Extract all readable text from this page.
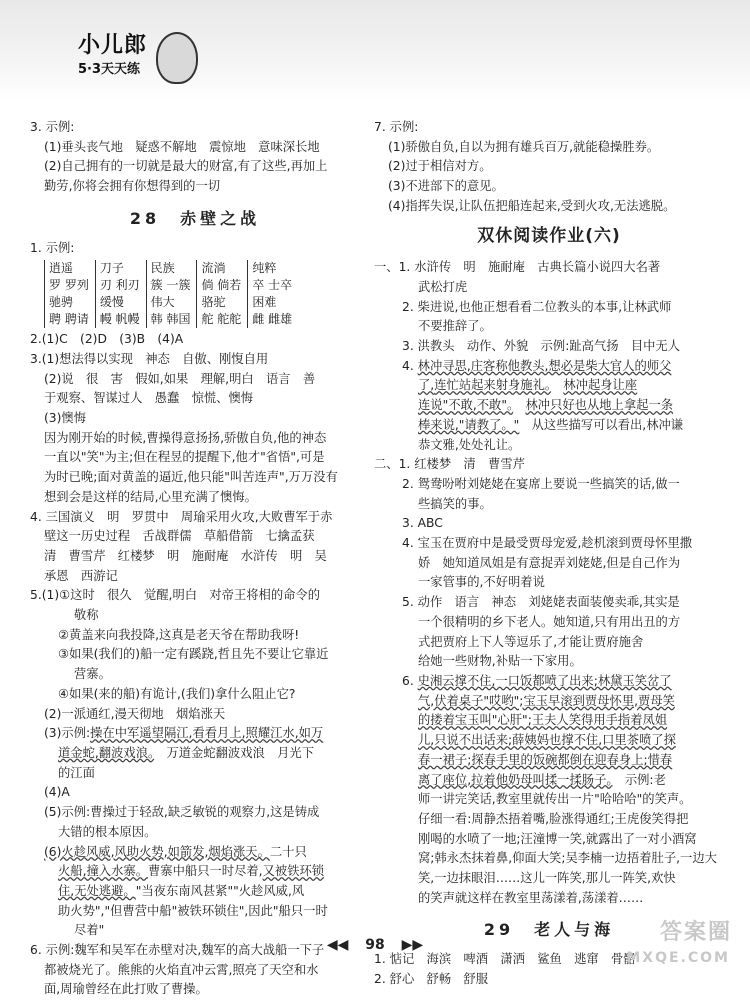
小儿郎
5·3天天练

3. 示例:

(1)垂头丧气地　疑惑不解地　震惊地　意味深长地

(2)自己拥有的一切就是最大的财富,有了这些,再加上

勤劳,你将会拥有你想得到的一切

28　赤壁之战

1. 示例:

逍遥	刀子	民族	流淌	纯粹
罗 罗列	刃 利刃	簇 一簇	倘 倘若	卒 士卒
驰骋	缓慢	伟大	骆驼	困难
聘 聘请	幔 帆幔	韩 韩国	舵 舵舵	雌 雌雄

2.(1)C　(2)D　(3)B　(4)A

3.(1)想法得以实现　神态　自傲、刚愎自用

(2)说　很　害　假如,如果　理解,明白　语言　善

于观察、智谋过人　愚蠢　惊慌、懊悔

(3)懊悔

因为刚开始的时候,曹操得意扬扬,骄傲自负,他的神态

一直以"笑"为主;但在程昱的提醒下,他才"省悟",可是

为时已晚;面对黄盖的逼近,他只能"叫苦连声",万万没有

想到会是这样的结局,心里充满了懊悔。

4. 三国演义　明　罗贯中　周瑜采用火攻,大败曹军于赤

壁这一历史过程　舌战群儒　草船借箭　七擒孟获

清　曹雪芹　红楼梦　明　施耐庵　水浒传　明　吴

承恩　西游记

5.(1)①这时　很久　觉醒,明白　对帝王将相的命令的

敬称

②黄盖来向我投降,这真是老天爷在帮助我呀!

③如果(我们的)船一定有蹊跷,哲且先不要让它靠近

营寨。

④如果(来的船)有诡计,(我们)拿什么阻止它?

(2)一派通红,漫天彻地　烟焰涨天

(3)示例:操在中军遥望隔江,看看月上,照耀江水,如万

道金蛇,翻波戏浪。　万道金蛇翻波戏浪　月光下

的江面

(4)A

(5)示例:曹操过于轻敌,缺乏敏锐的观察力,这是铸成

大错的根本原因。

(6)火趁风威,风助火势,如箭发,烟焰涨天。二十只

火船,撞入水寨。曹寨中船只一时尽着,又被铁环锁

住,无处逃避。"当夜东南风甚紧""火趁风威,风

助火势","但曹营中船"被铁环锁住",因此"船只一时

尽着"

6. 示例:魏军和吴军在赤壁对决,魏军的高大战船一下子

都被烧光了。熊熊的火焰直冲云霄,照亮了天空和水

面,周瑜曾经在此打败了曹操。

7. 示例:

(1)骄傲自负,自以为拥有雄兵百万,就能稳操胜券。

(2)过于相信对方。

(3)不进部下的意见。

(4)指挥失误,让队伍把船连起来,受到火攻,无法逃脱。

双休阅读作业(六)

一、1. 水浒传　明　施耐庵　古典长篇小说四大名著

武松打虎

2. 柴进说,也他正想看看二位教头的本事,让林武师

不要推辞了。

3. 洪教头　动作、外貌　示例:趾高气扬　目中无人

4. 林冲寻思,庄客称他教头,想必是柴大官人的师父

了,连忙站起来射身施礼。　 林冲起身让座

连说"不敢,不敢"。　 林冲只好也从地上拿起一条

棒来说,"请教了。"　 从这些描写可以看出,林冲谦

恭文雅,处处礼让。

二、1. 红楼梦　清　曹雪芹

2. 鸳鸯吩咐刘姥姥在宴席上要说一些搞笑的话,做一

些搞笑的事。

3. ABC

4. 宝玉在贾府中是最受贾母宠爱,趁机滚到贾母怀里撒

娇　她知道凤姐是有意捉弄刘姥姥,但是自己作为

一家管事的,不好明着说

5. 动作　语言　神态　刘姥姥表面装傻卖乖,其实是

一个很精明的乡下老人。她知道,只有用出丑的方

式把贾府上下人等逗乐了,才能让贾府施舍

给她一些财物,补贴一下家用。

6. 史湘云撑不住,一口饭都喷了出来;林黛玉笑岔了

气,伏着桌子"哎哟";宝玉早滚到贾母怀里,贾母笑

的搂着宝玉叫"心肝";王夫人笑得用手指着凤姐

儿,只说不出话来;薛姨妈也撑不住,口里茶喷了探

春一裙子;探春手里的饭碗都倒在迎春身上;惜春

离了座位,拉着他奶母叫揉一揉肠子。　 示例:老

师一讲完笑话,教室里就传出一片"哈哈哈"的笑声。

仔细一看:周静杰捂着嘴,脸涨得通红;王虎俊笑得把

刚喝的水喷了一地;汪潼博一笑,就露出了一对小酒窝

窝;韩永杰抹着鼻,仰面大笑;吴李楠一边捂着肚子,一边大

笑,一边抹眼泪……这儿一阵笑,那儿一阵笑,欢快

的笑声就这样在教室里荡漾着,荡漾着……

29　老人与海

1. 惦记　海滨　啤酒　潇洒　鲨鱼　逃窜　骨骼

2. 舒心　舒畅　舒服

◀◀ 98 ▶▶	答案圈
MXQE.COM
